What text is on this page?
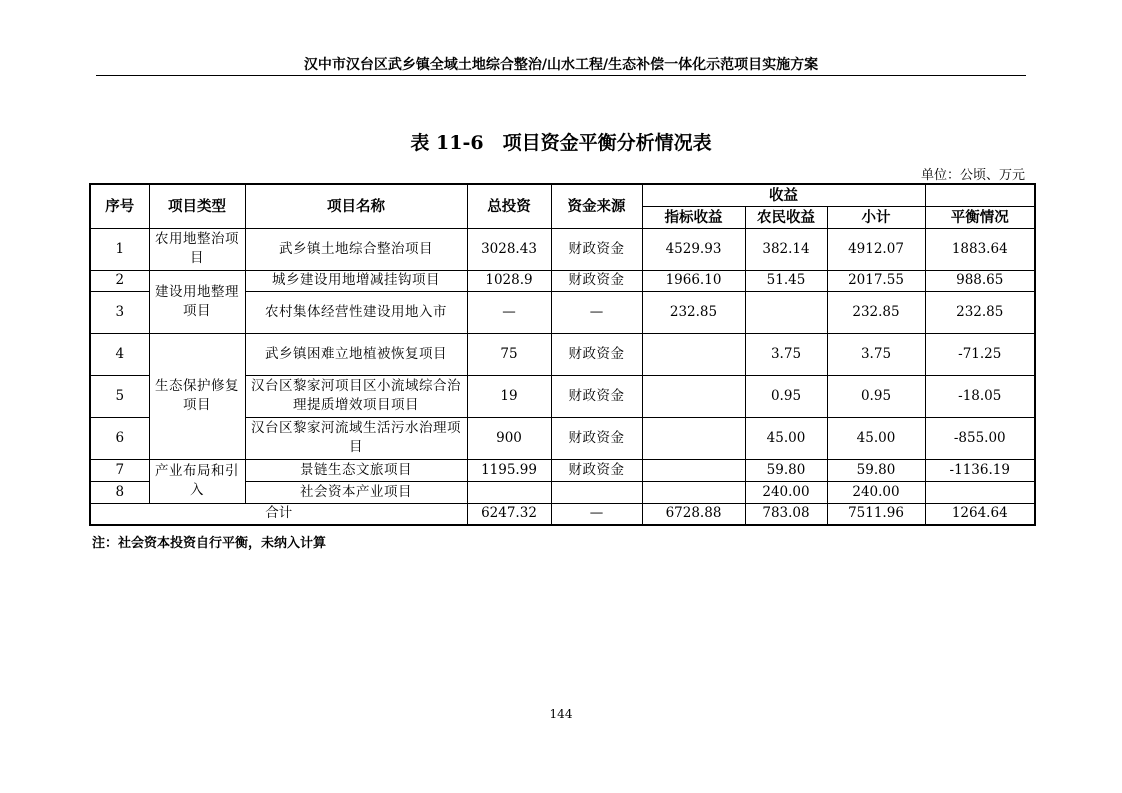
汉中市汉台区武乡镇全域土地综合整治/山水工程/生态补偿一体化示范项目实施方案
表 11-6　项目资金平衡分析情况表
单位：公顷、万元
序号	项目类型	项目名称	总投资	资金来源	收益			
					指标收益	农民收益	小计	平衡情况
1	农用地整治项目	武乡镇土地综合整治项目	3028.43	财政资金	4529.93	382.14	4912.07	1883.64
2	建设用地整理项目	城乡建设用地增减挂钩项目	1028.9	财政资金	1966.10	51.45	2017.55	988.65
3		农村集体经营性建设用地入市	—	—	232.85		232.85	232.85
4	生态保护修复项目	武乡镇困难立地植被恢复项目	75	财政资金		3.75	3.75	-71.25
5		汉台区黎家河项目区小流域综合治理提质增效项目项目	19	财政资金		0.95	0.95	-18.05
6		汉台区黎家河流域生活污水治理项目	900	财政资金		45.00	45.00	-855.00
7	产业布局和引入	景链生态文旅项目	1195.99	财政资金		59.80	59.80	-1136.19
8		社会资本产业项目				240.00	240.00	
合计			6247.32	—	6728.88	783.08	7511.96	1264.64
注：社会资本投资自行平衡，未纳入计算
144
